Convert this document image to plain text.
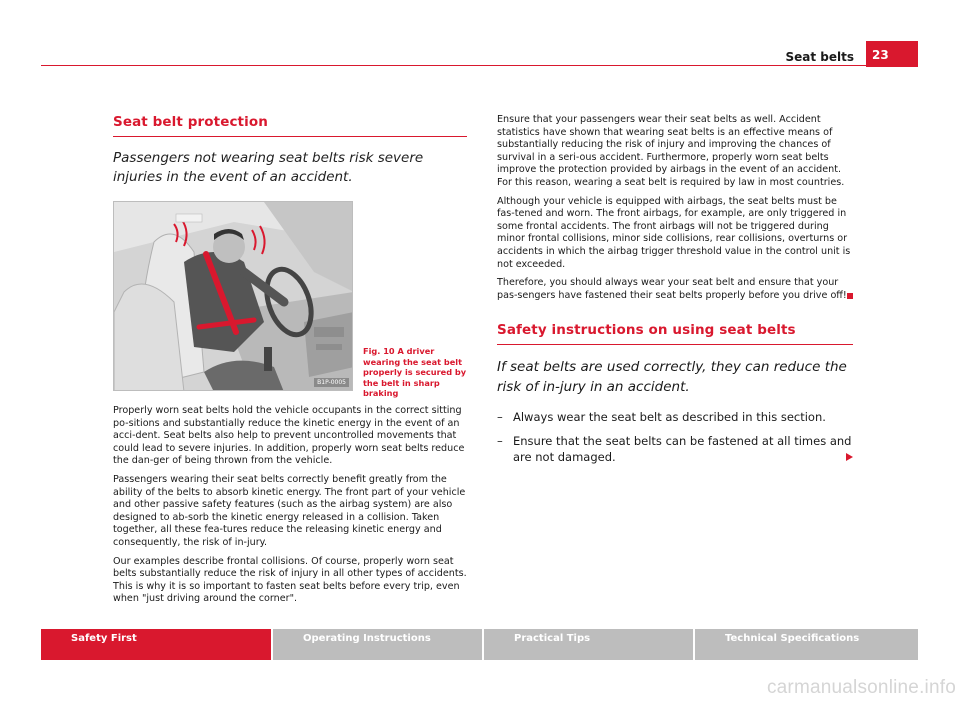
Seat belts	23
Seat belt protection
Passengers not wearing seat belts risk severe injuries in the event of an accident.
B1P-0005
Fig. 10 A driver wearing the seat belt properly is secured by the belt in sharp braking

Properly worn seat belts hold the vehicle occupants in the correct sitting po-sitions and substantially reduce the kinetic energy in the event of an acci-dent. Seat belts also help to prevent uncontrolled movements that could lead to severe injuries. In addition, properly worn seat belts reduce the dan-ger of being thrown from the vehicle.

Passengers wearing their seat belts correctly benefit greatly from the ability of the belts to absorb kinetic energy. The front part of your vehicle and other passive safety features (such as the airbag system) are also designed to ab-sorb the kinetic energy released in a collision. Taken together, all these fea-tures reduce the releasing kinetic energy and consequently, the risk of in-jury.

Our examples describe frontal collisions. Of course, properly worn seat belts substantially reduce the risk of injury in all other types of accidents. This is why it is so important to fasten seat belts before every trip, even when "just driving around the corner".

Ensure that your passengers wear their seat belts as well. Accident statistics have shown that wearing seat belts is an effective means of substantially reducing the risk of injury and improving the chances of survival in a seri-ous accident. Furthermore, properly worn seat belts improve the protection provided by airbags in the event of an accident. For this reason, wearing a seat belt is required by law in most countries.

Although your vehicle is equipped with airbags, the seat belts must be fas-tened and worn. The front airbags, for example, are only triggered in some frontal accidents. The front airbags will not be triggered during minor frontal collisions, minor side collisions, rear collisions, overturns or accidents in which the airbag trigger threshold value in the control unit is not exceeded.

Therefore, you should always wear your seat belt and ensure that your pas-sengers have fastened their seat belts properly before you drive off!

Safety instructions on using seat belts
If seat belts are used correctly, they can reduce the risk of in-jury in an accident.
– Always wear the seat belt as described in this section.
– Ensure that the seat belts can be fastened at all times and are not damaged.
Safety First	Operating Instructions	Practical Tips	Technical Specifications
carmanualsonline.info
